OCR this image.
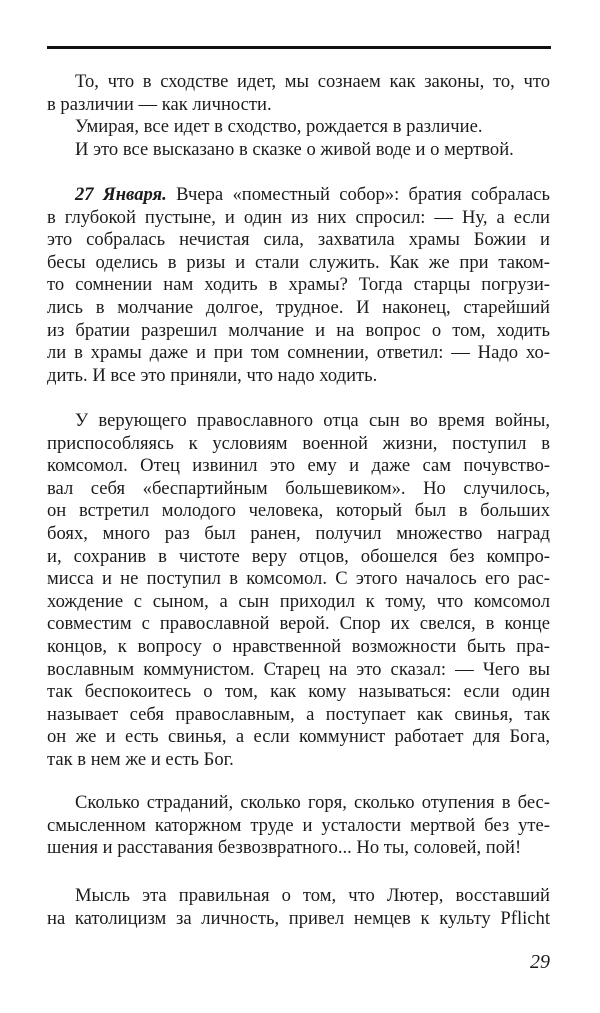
То, что в сходстве идет, мы сознаем как законы, то, что
в различии — как личности.
Умирая, все идет в сходство, рождается в различие.
И это все высказано в сказке о живой воде и о мертвой.
27 Января. Вчера «поместный собор»: братия собралась
в глубокой пустыне, и один из них спросил: — Ну, а если
это собралась нечистая сила, захватила храмы Божии и
бесы оделись в ризы и стали служить. Как же при таком-
то сомнении нам ходить в храмы? Тогда старцы погрузи-
лись в молчание долгое, трудное. И наконец, старейший
из братии разрешил молчание и на вопрос о том, ходить
ли в храмы даже и при том сомнении, ответил: — Надо хо-
дить. И все это приняли, что надо ходить.
У верующего православного отца сын во время войны,
приспособляясь к условиям военной жизни, поступил в
комсомол. Отец извинил это ему и даже сам почувство-
вал себя «беспартийным большевиком». Но случилось,
он встретил молодого человека, который был в больших
боях, много раз был ранен, получил множество наград
и, сохранив в чистоте веру отцов, обошелся без компро-
мисса и не поступил в комсомол. С этого началось его рас-
хождение с сыном, а сын приходил к тому, что комсомол
совместим с православной верой. Спор их свелся, в конце
концов, к вопросу о нравственной возможности быть пра-
вославным коммунистом. Старец на это сказал: — Чего вы
так беспокоитесь о том, как кому называться: если один
называет себя православным, а поступает как свинья, так
он же и есть свинья, а если коммунист работает для Бога,
так в нем же и есть Бог.
Сколько страданий, сколько горя, сколько отупения в бес-
смысленном каторжном труде и усталости мертвой без уте-
шения и расставания безвозвратного... Но ты, соловей, пой!
Мысль эта правильная о том, что Лютер, восставший
на католицизм за личность, привел немцев к культу Pflicht
29
